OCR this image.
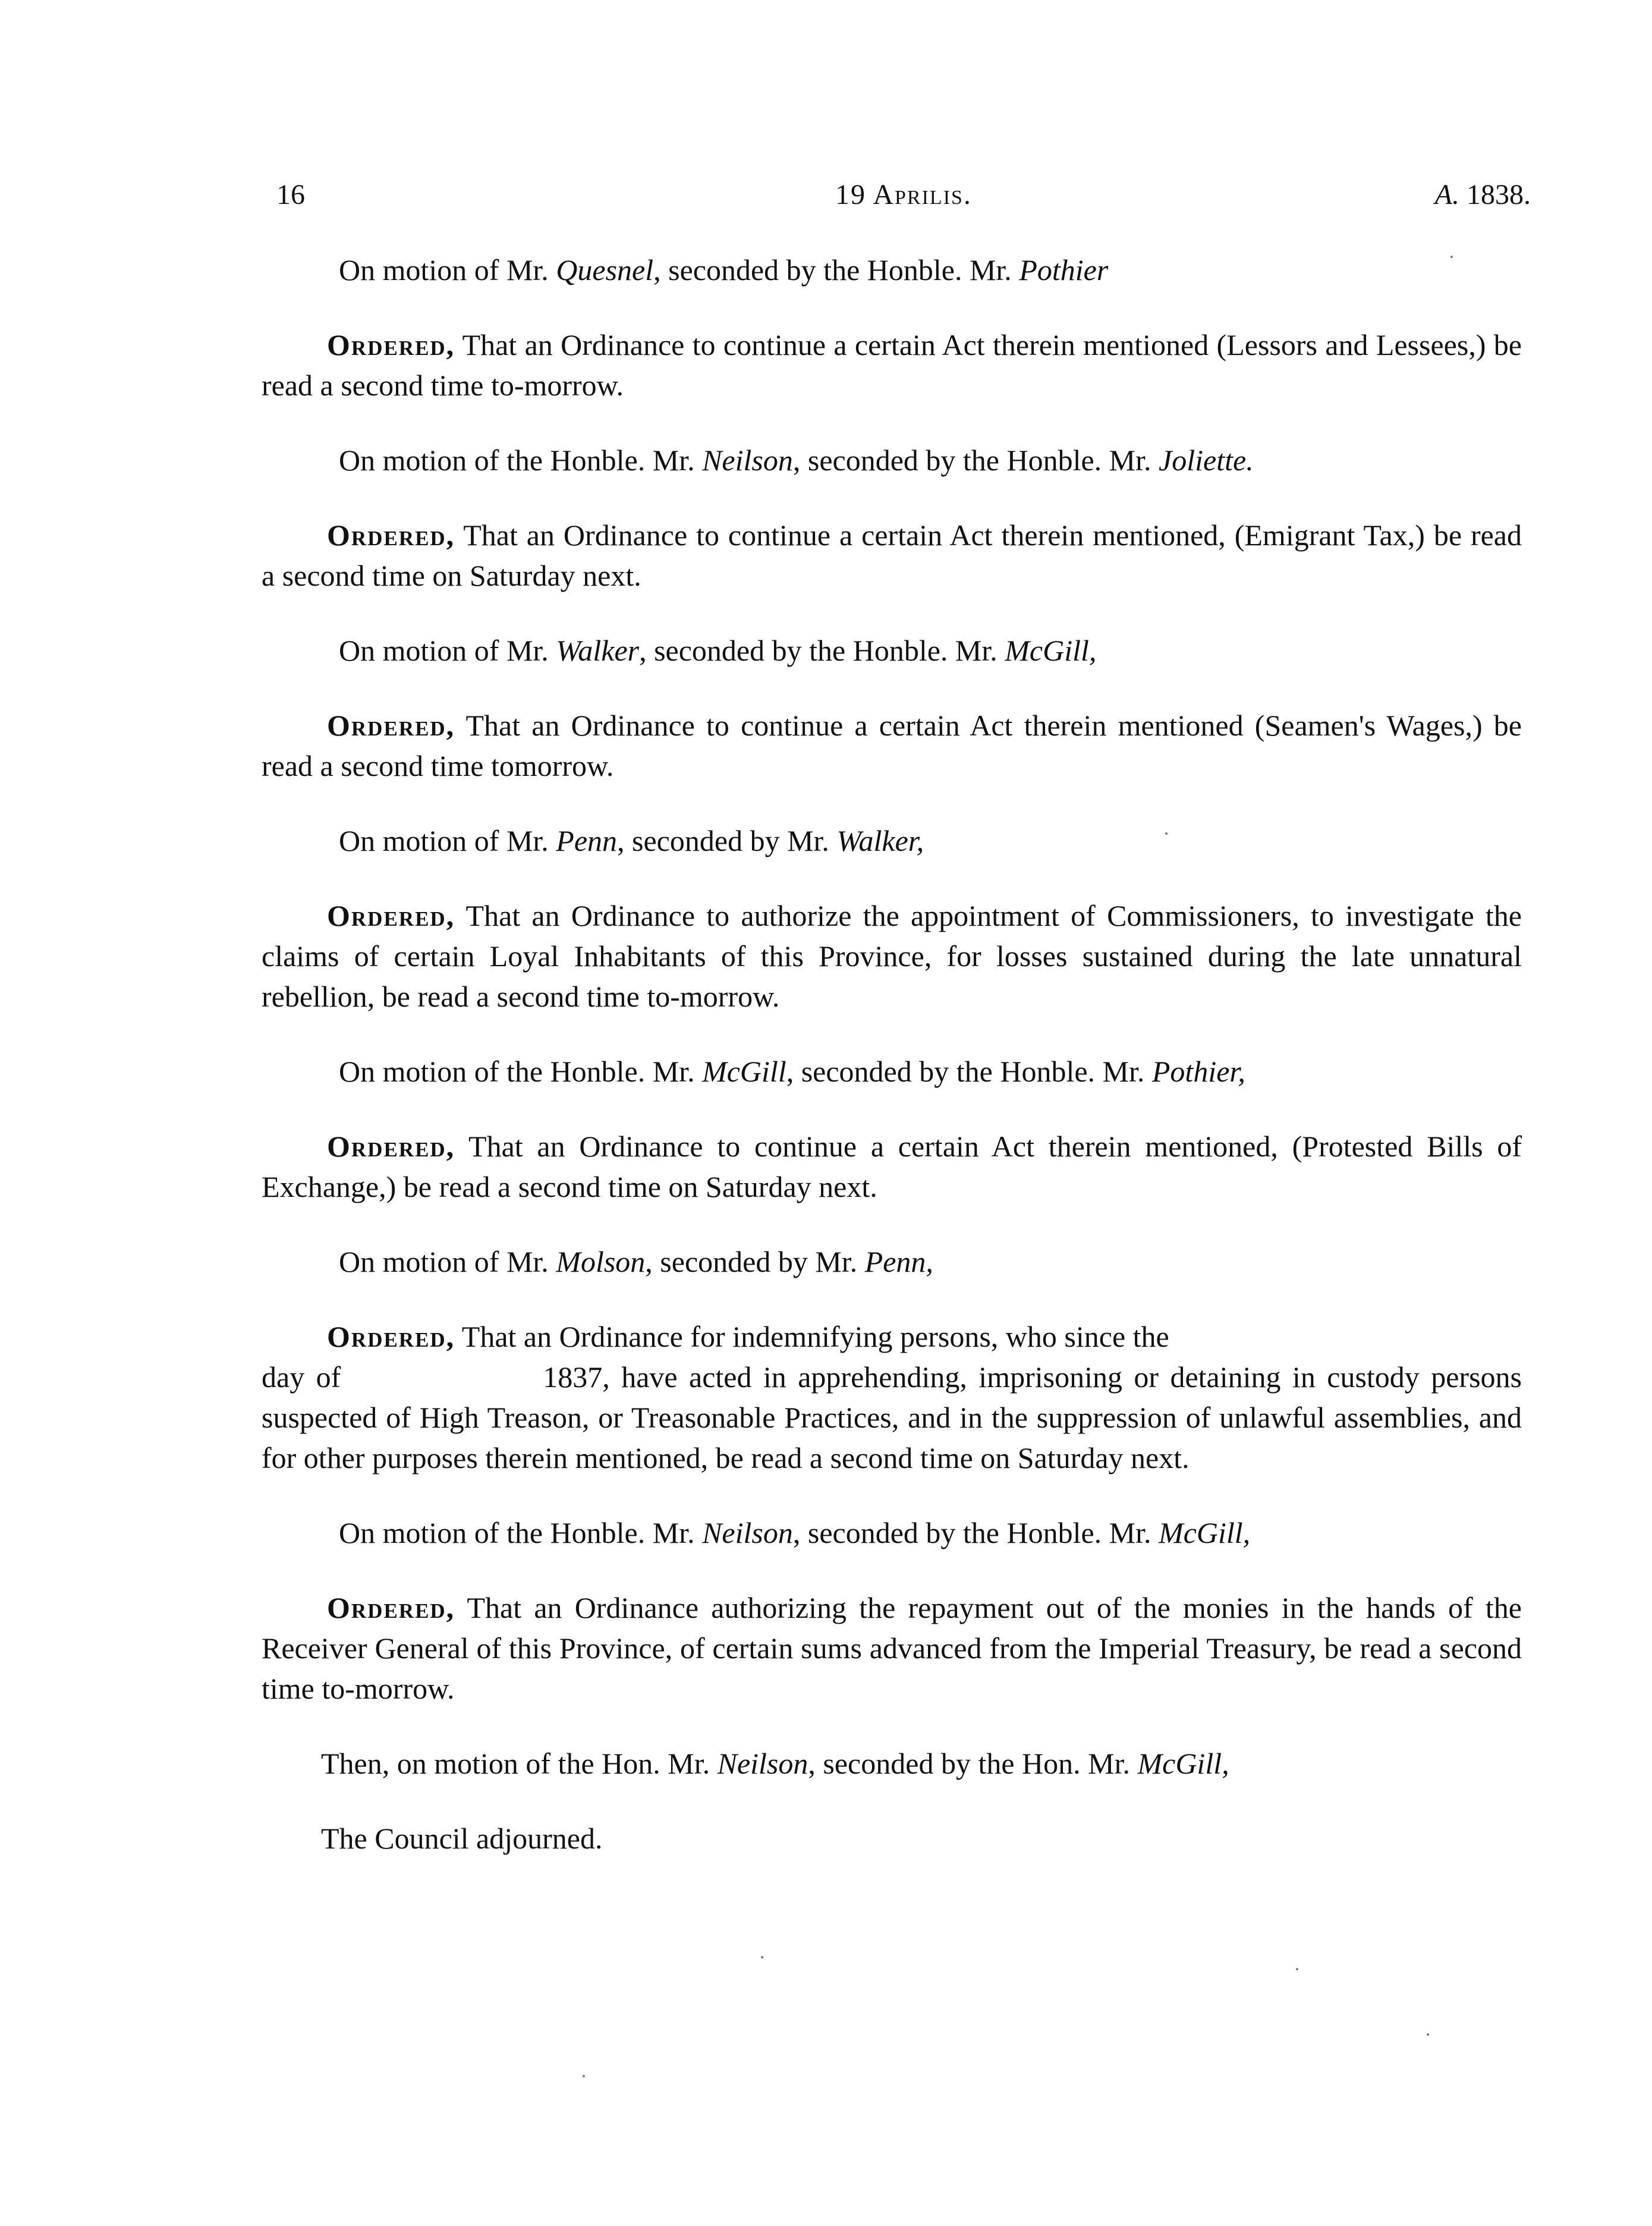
16	19 Aprilis.	A. 1838.

On motion of Mr. Quesnel, seconded by the Honble. Mr. Pothier

Ordered, That an Ordinance to continue a certain Act therein mentioned (Lessors and Lessees,) be read a second time to-morrow.

On motion of the Honble. Mr. Neilson, seconded by the Honble. Mr. Joliette.

Ordered, That an Ordinance to continue a certain Act therein mentioned, (Emigrant Tax,) be read a second time on Saturday next.

On motion of Mr. Walker, seconded by the Honble. Mr. McGill,

Ordered, That an Ordinance to continue a certain Act therein mentioned (Seamen's Wages,) be read a second time tomorrow.

On motion of Mr. Penn, seconded by Mr. Walker,

Ordered, That an Ordinance to authorize the appointment of Commissioners, to investigate the claims of certain Loyal Inhabitants of this Province, for losses sustained during the late unnatural rebellion, be read a second time to-morrow.

On motion of the Honble. Mr. McGill, seconded by the Honble. Mr. Pothier,

Ordered, That an Ordinance to continue a certain Act therein mentioned, (Protested Bills of Exchange,) be read a second time on Saturday next.

On motion of Mr. Molson, seconded by Mr. Penn,

Ordered, That an Ordinance for indemnifying persons, who since the
day of	1837, have acted in apprehending, imprisoning or detaining in custody persons suspected of High Treason, or Treasonable Practices, and in the suppression of unlawful assemblies, and for other purposes therein mentioned, be read a second time on Saturday next.

On motion of the Honble. Mr. Neilson, seconded by the Honble. Mr. McGill,

Ordered, That an Ordinance authorizing the repayment out of the monies in the hands of the Receiver General of this Province, of certain sums advanced from the Imperial Treasury, be read a second time to-morrow.

Then, on motion of the Hon. Mr. Neilson, seconded by the Hon. Mr. McGill,

The Council adjourned.
